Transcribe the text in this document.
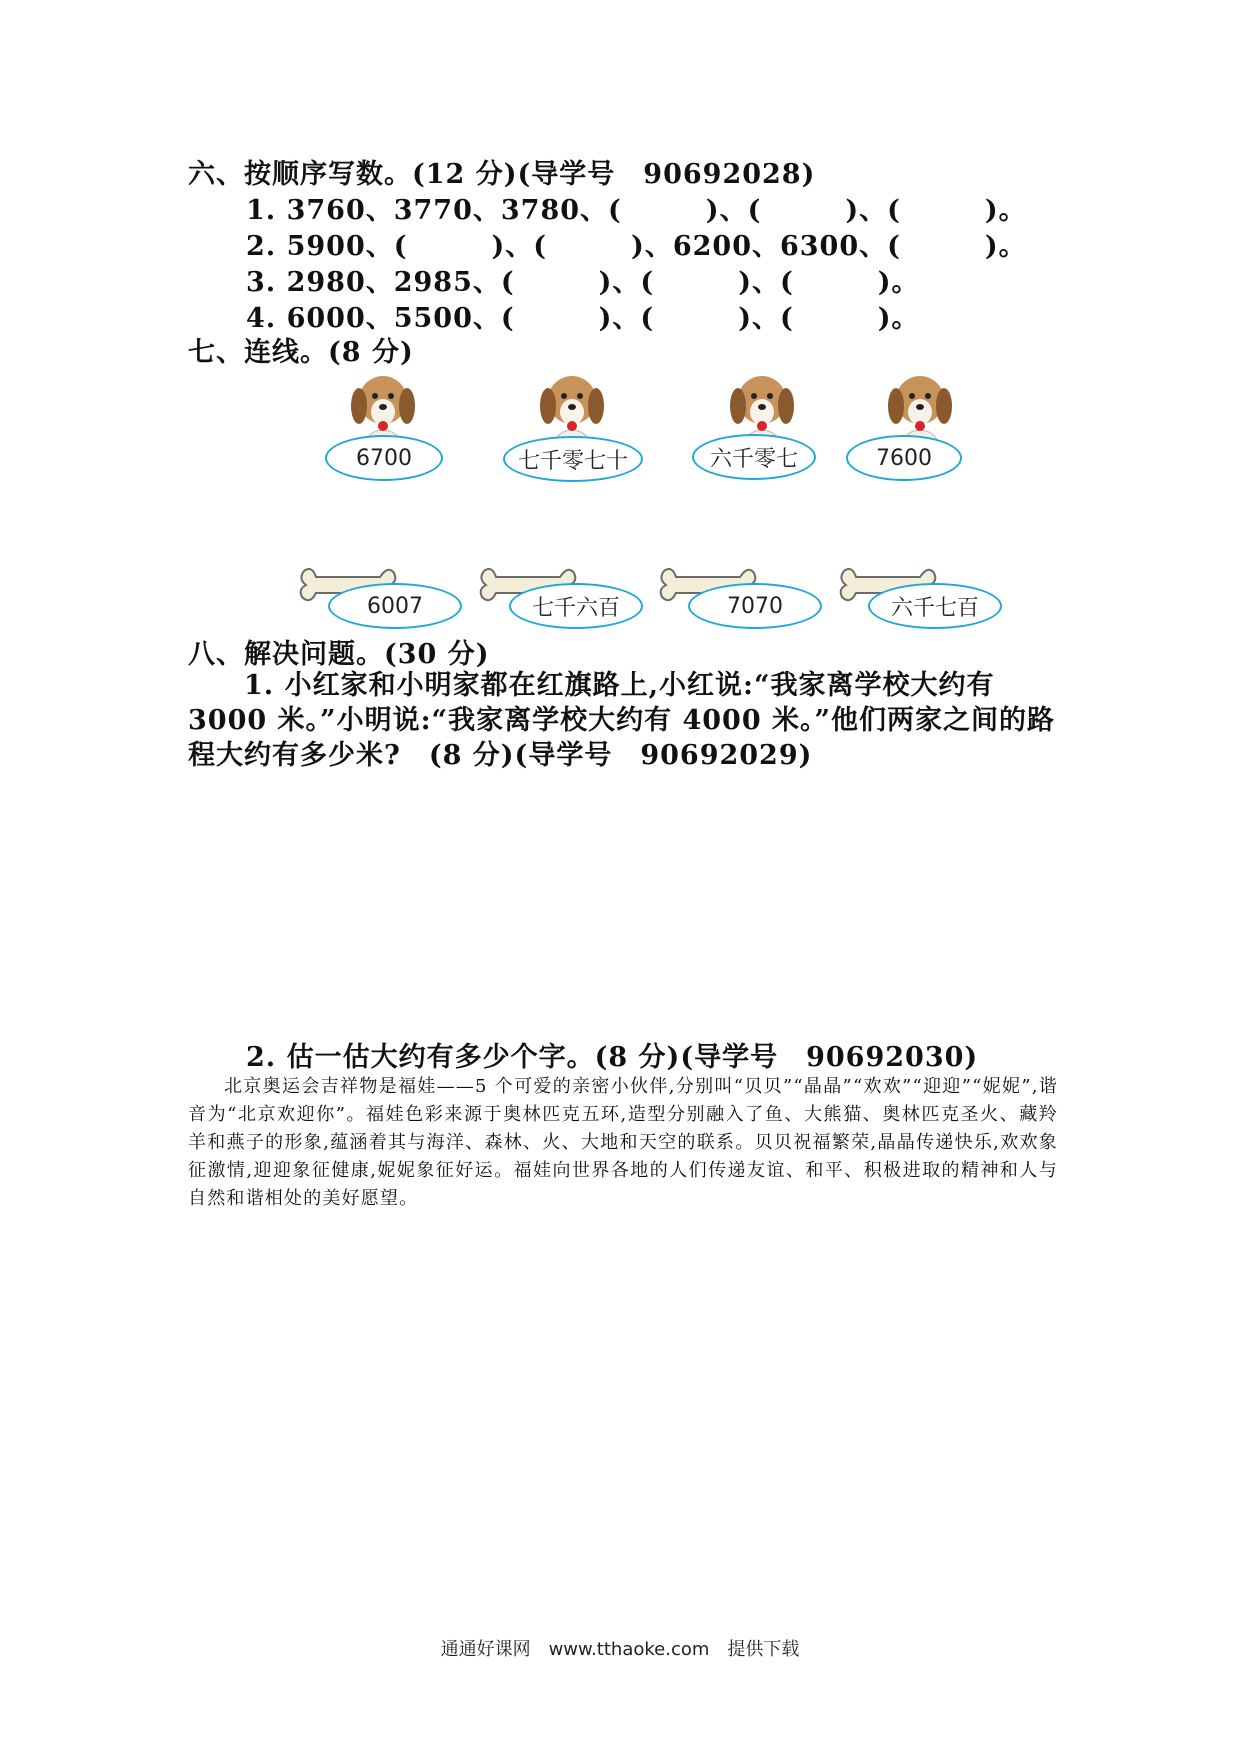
六、按顺序写数。(12 分)(导学号　90692028)
1. 3760、3770、3780、(　　　)、(　　　)、(　　　)。
2. 5900、(　　　)、(　　　)、6200、6300、(　　　)。
3. 2980、2985、(　　　)、(　　　)、(　　　)。
4. 6000、5500、(　　　)、(　　　)、(　　　)。
七、连线。(8 分)
6700	七千零七十	六千零七	7600
6007	七千六百	7070	六千七百
八、解决问题。(30 分)
1. 小红家和小明家都在红旗路上,小红说:“我家离学校大约有 3000 米。”小明说:“我家离学校大约有 4000 米。”他们两家之间的路程大约有多少米?　(8 分)(导学号　90692029)
2. 估一估大约有多少个字。(8 分)(导学号　90692030)
北京奥运会吉祥物是福娃——5 个可爱的亲密小伙伴,分别叫“贝贝”“晶晶”“欢欢”“迎迎”“妮妮”,谐音为“北京欢迎你”。福娃色彩来源于奥林匹克五环,造型分别融入了鱼、大熊猫、奥林匹克圣火、藏羚羊和燕子的形象,蕴涵着其与海洋、森林、火、大地和天空的联系。贝贝祝福繁荣,晶晶传递快乐,欢欢象征激情,迎迎象征健康,妮妮象征好运。福娃向世界各地的人们传递友谊、和平、积极进取的精神和人与自然和谐相处的美好愿望。
通通好课网　www.tthaoke.com　提供下载
